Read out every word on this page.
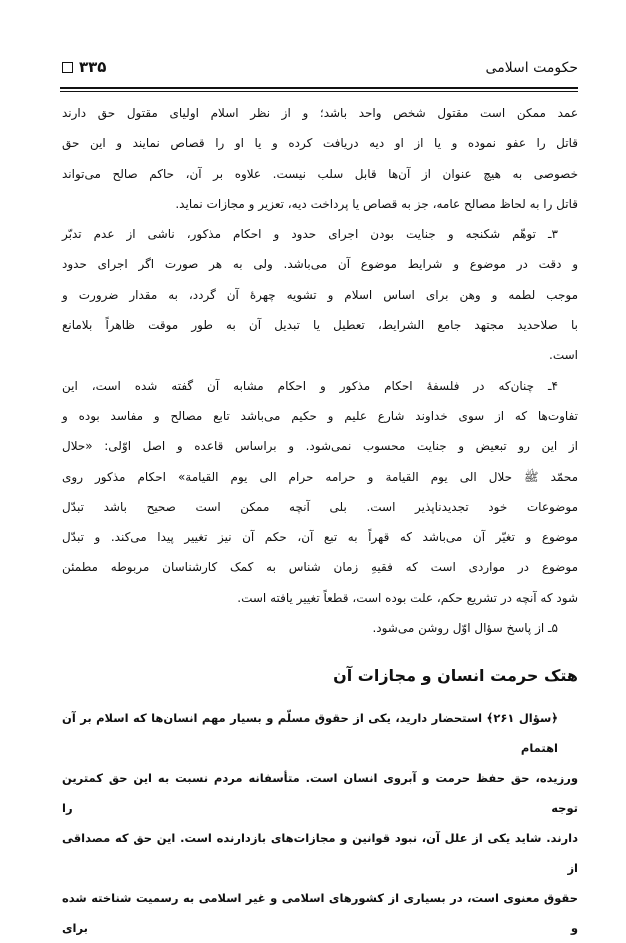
حکومت اسلامی
۳۳۵
عمد ممکن است مقتول شخص واحد باشد؛ و از نظر اسلام اولیای مقتول حق دارند
قاتل را عفو نموده و یا از او دیه دریافت کرده و یا او را قصاص نمایند و این حق
خصوصی به هیچ عنوان از آن‌ها قابل سلب نیست. علاوه بر آن، حاکم صالح می‌تواند
قاتل را به لحاظ مصالح عامه، جز به قصاص یا پرداخت دیه، تعزیر و مجازات نماید.
۳ـ توهّم شکنجه و جنایت بودن اجرای حدود و احکام مذکور، ناشی از عدم تدبّر
و دقت در موضوع و شرایط موضوع آن می‌باشد. ولی به هر صورت اگر اجرای حدود
موجب لطمه و وهن برای اساس اسلام و تشویه چهرهٔ آن گردد، به مقدار ضرورت و
با صلاحدید مجتهد جامع الشرایط، تعطیل یا تبدیل آن به طور موقت ظاهراً بلامانع
است.
۴ـ چنان‌که در فلسفهٔ احکام مذکور و احکام مشابه آن گفته شده است، این
تفاوت‌ها که از سوی خداوند شارع علیم و حکیم می‌باشد تابع مصالح و مفاسد بوده و
از این رو تبعیض و جنایت محسوب نمی‌شود. و براساس قاعده و اصل اوّلی: «حلال
محمّد ﷺ حلال الی یوم القیامة و حرامه حرام الی یوم القیامة» احکام مذکور روی
موضوعات خود تجدیدناپذیر است. بلی آنچه ممکن است صحیح باشد تبدّل
موضوع و تغیّر آن می‌باشد که قهراً به تبع آن، حکم آن نیز تغییر پیدا می‌کند. و تبدّل
موضوع در مواردی است که فقیهِ زمان شناس به کمک کارشناسان مربوطه مطمئن
شود که آنچه در تشریع حکم، علت بوده است، قطعاً تغییر یافته است.
۵ـ از پاسخ سؤال اوّل روشن می‌شود.
هتک حرمت انسان و مجازات آن
﴿سؤال ۲۶۱﴾ استحضار دارید، یکی از حقوق مسلّم و بسیار مهم انسان‌ها که اسلام بر آن اهتمام
ورزیده، حق حفظ حرمت و آبروی انسان است. متأسفانه مردم نسبت به این حق کمترین توجه را
دارند. شاید یکی از علل آن، نبود قوانین و مجازات‌های بازدارنده است. این حق که مصداقی از
حقوق معنوی است، در بسیاری از کشورهای اسلامی و غیر اسلامی به رسمیت شناخته شده و برای
